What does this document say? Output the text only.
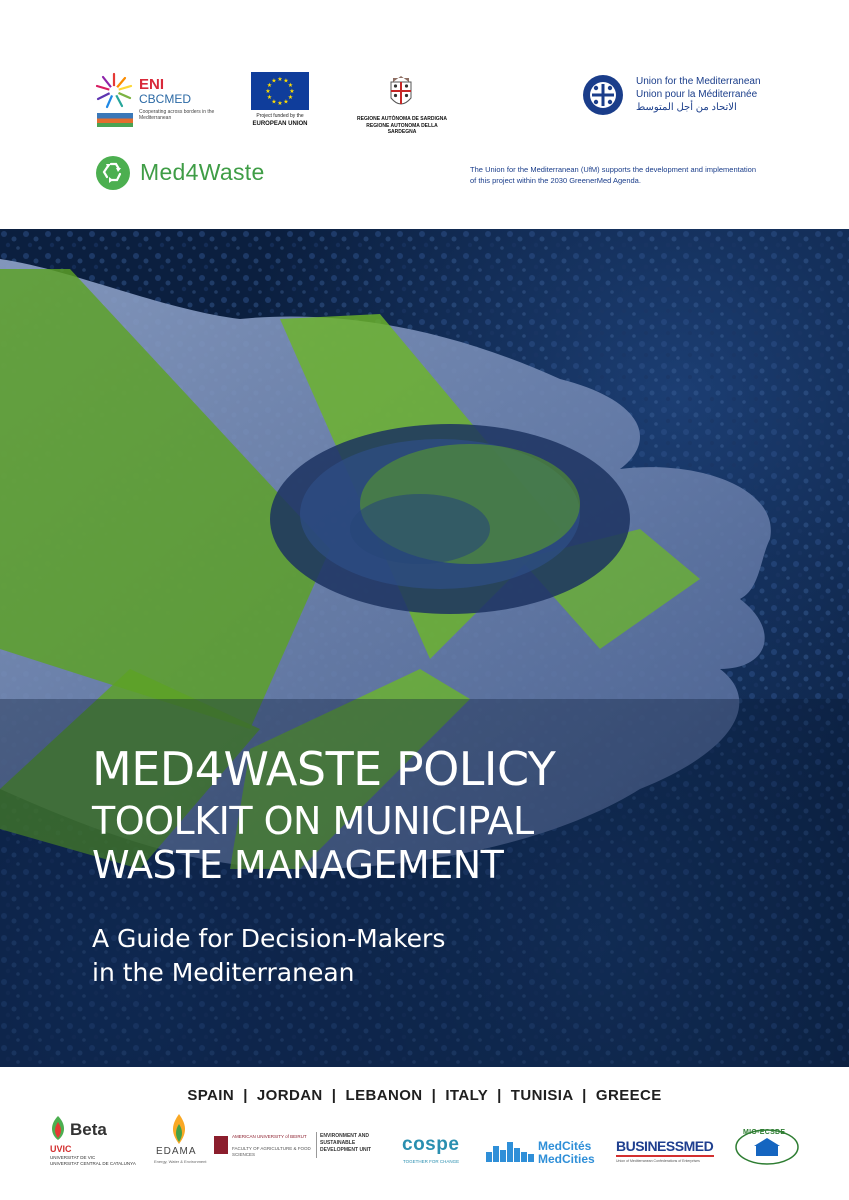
ENI
CBCMED
Cooperating across borders in the Mediterranean
★ ★
★
★
★
★
★
★
★
★
★
★
Project funded by the
EUROPEAN UNION
REGIONE AUTÒNOMA DE SARDIGNA
REGIONE AUTONOMA DELLA SARDEGNA
Union for the Mediterranean
Union pour la Méditerranée
الاتحاد من أجل المتوسط
Med4Waste	The Union for the Mediterranean (UfM) supports the development and implementation of this project within the 2030 GreenerMed Agenda.
MED4WASTE POLICY
TOOLKIT ON MUNICIPAL
WASTE MANAGEMENT
A Guide for Decision-Makers
in the Mediterranean
SPAIN  |  JORDAN  |  LEBANON  |  ITALY  |  TUNISIA  |  GREECE
Beta
UVIC
UNIVERSITAT DE VIC
UNIVERSITAT CENTRAL DE CATALUNYA
EDAMA
Energy, Water & Environment
AMERICAN UNIVERSITY of BEIRUT
FACULTY OF AGRICULTURE & FOOD SCIENCES
ENVIRONMENT AND SUSTAINABLE DEVELOPMENT UNIT	cospe
TOGETHER FOR CHANGE
MedCités
MedCities
BUSINESSMED
Union of Mediterranean Confederations of Enterprises
MIO-ECSDE
